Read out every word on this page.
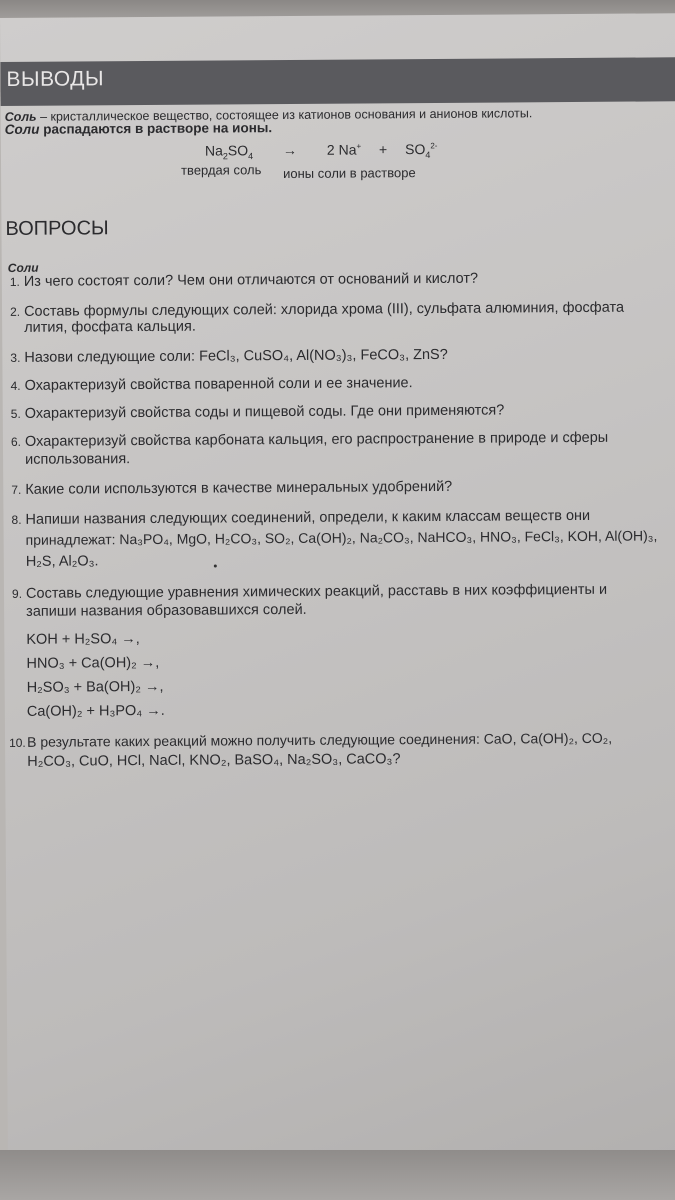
ВЫВОДЫ
Соль – кристаллическое вещество, состоящее из катионов основания и анионов кислоты.
Соли распадаются в растворе на ионы.
$Na_2SO_4 \to 2$ $Na^+ + SO_4^{2-}$
твердая соль ионы соли в растворе
ВОПРОСЫ
Соли
1. Из чего состоят соли? Чем они отличаются от оснований и кислот?
2. Составь формулы следующих солей: хлорида хрома (III), сульфата алюминия, фосфата
лития, фосфата кальция.
3. Назови следующие соли: FeCl₃, CuSO₄, Al(NO₃)₃, FeCO₃, ZnS?
4. Охарактеризуй свойства поваренной соли и ее значение.
5. Охарактеризуй свойства соды и пищевой соды. Где они применяются?
6. Охарактеризуй свойства карбоната кальция, его распространение в природе и сферы
использования.
7. Какие соли используются в качестве минеральных удобрений?
8. Напиши названия следующих соединений, определи, к каким классам веществ они
принадлежат: Na₃PO₄, MgO, H₂CO₃, SO₂, Ca(OH)₂, Na₂CO₃, NaHCO₃, HNO₃, FeCl₃, KOH, Al(OH)₃,
H₂S, Al₂O₃.
9. Составь следующие уравнения химических реакций, расставь в них коэффициенты и
запиши названия образовавшихся солей.
KOH + H₂SO₄ →,
HNO₃ + Ca(OH)₂ →,
H₂SO₃ + Ba(OH)₂ →,
Ca(OH)₂ + H₃PO₄ →.
10.В результате каких реакций можно получить следующие соединения: CaO, Ca(OH)₂, CO₂,
H₂CO₃, CuO, HCl, NaCl, KNO₂, BaSO₄, Na₂SO₃, CaCO₃?
